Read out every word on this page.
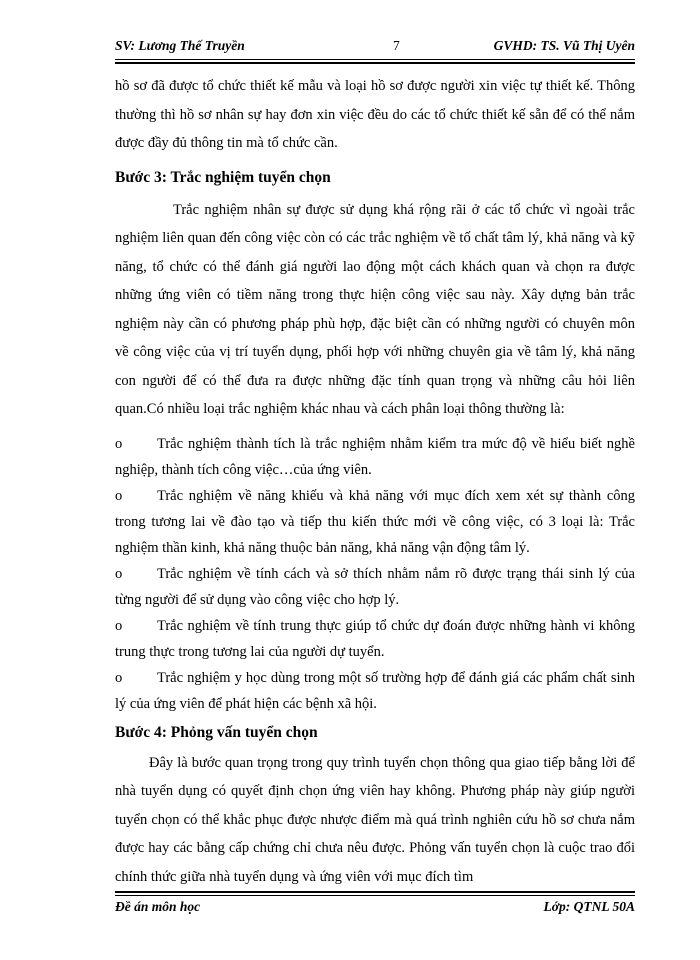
SV: Lương Thế Truyền	7	GVHD: TS. Vũ Thị Uyên

hồ sơ đã được tổ chức thiết kế mẫu và loại hồ sơ được người xin việc tự thiết kế. Thông thường thì hồ sơ nhân sự hay đơn xin việc đều do các tổ chức thiết kế sẵn để có thể nắm được đầy đủ thông tin mà tổ chức cần.

Bước 3: Trắc nghiệm tuyển chọn

Trắc nghiệm nhân sự được sử dụng khá rộng rãi ở các tổ chức vì ngoài trắc nghiệm liên quan đến công việc còn có các trắc nghiệm về tố chất tâm lý, khả năng và kỹ năng, tổ chức có thể đánh giá người lao động một cách khách quan và chọn ra được những ứng viên có tiềm năng trong thực hiện công việc sau này. Xây dựng bản trắc nghiệm này cần có phương pháp phù hợp, đặc biệt cần có những người có chuyên môn về công việc của vị trí tuyển dụng, phối hợp với những chuyên gia về tâm lý, khả năng con người để có thể đưa ra được những đặc tính quan trọng và những câu hỏi liên quan.Có nhiều loại trắc nghiệm khác nhau và cách phân loại thông thường là:

o Trắc nghiệm thành tích là trắc nghiệm nhằm kiểm tra mức độ về hiểu biết nghề nghiệp, thành tích công việc…của ứng viên.

o Trắc nghiệm về năng khiếu và khả năng với mục đích xem xét sự thành công trong tương lai về đào tạo và tiếp thu kiến thức mới về công việc, có 3 loại là: Trắc nghiệm thần kinh, khả năng thuộc bản năng, khả năng vận động tâm lý.

o Trắc nghiệm về tính cách và sở thích nhằm nắm rõ được trạng thái sinh lý của từng người để sử dụng vào công việc cho hợp lý.

o Trắc nghiệm về tính trung thực giúp tổ chức dự đoán được những hành vi không trung thực trong tương lai của người dự tuyển.

o Trắc nghiệm y học dùng trong một số trường hợp để đánh giá các phẩm chất sinh lý của ứng viên để phát hiện các bệnh xã hội.

Bước 4: Phỏng vấn tuyển chọn

Đây là bước quan trọng trong quy trình tuyển chọn thông qua giao tiếp bằng lời để nhà tuyển dụng có quyết định chọn ứng viên hay không. Phương pháp này giúp người tuyển chọn có thể khắc phục được nhược điểm mà quá trình nghiên cứu hồ sơ chưa nắm được hay các bằng cấp chứng chỉ chưa nêu được. Phỏng vấn tuyển chọn là cuộc trao đổi chính thức giữa nhà tuyển dụng và ứng viên với mục đích tìm

Đề án môn học	Lớp: QTNL 50A
